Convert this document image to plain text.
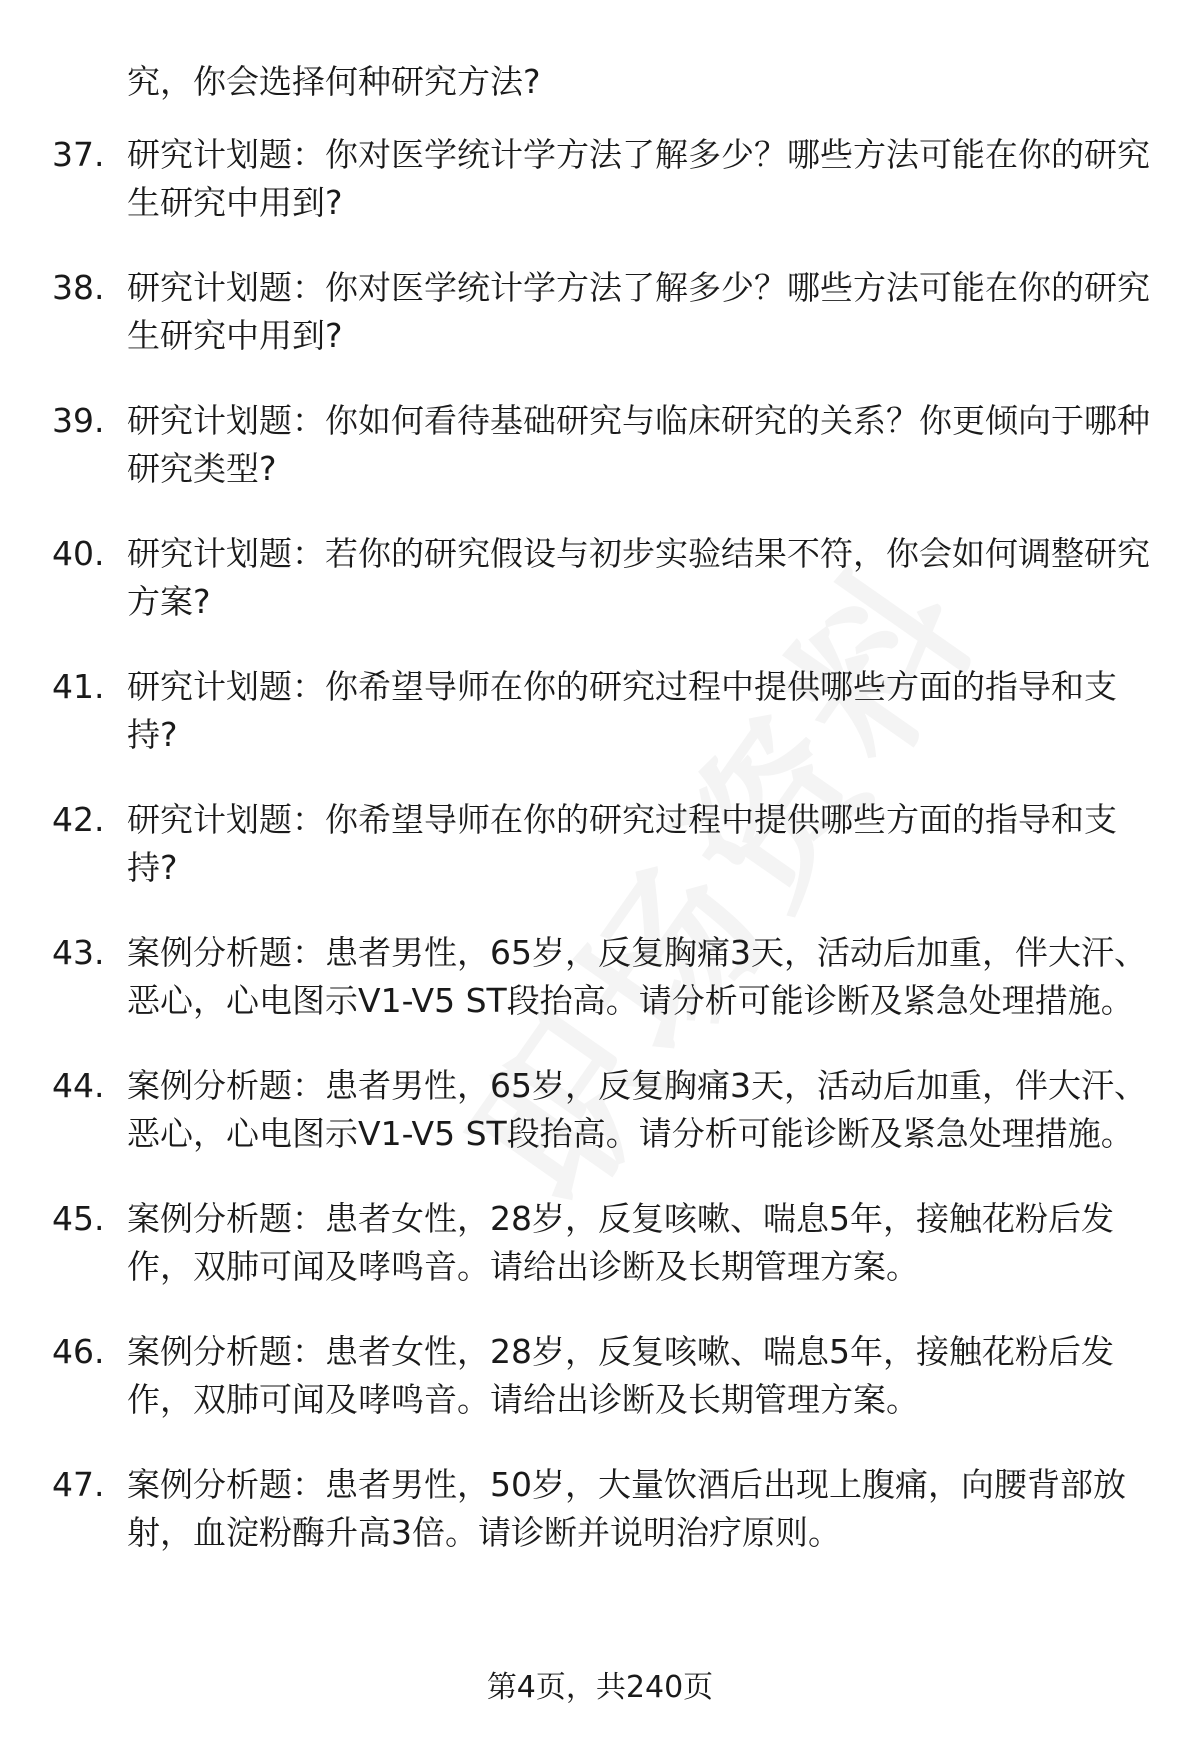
究，你会选择何种研究方法?
37. 研究计划题：你对医学统计学方法了解多少？哪些方法可能在你的研究生研究中用到?
38. 研究计划题：你对医学统计学方法了解多少？哪些方法可能在你的研究生研究中用到?
39. 研究计划题：你如何看待基础研究与临床研究的关系？你更倾向于哪种研究类型?
40. 研究计划题：若你的研究假设与初步实验结果不符，你会如何调整研究方案?
41. 研究计划题：你希望导师在你的研究过程中提供哪些方面的指导和支持?
42. 研究计划题：你希望导师在你的研究过程中提供哪些方面的指导和支持?
43. 案例分析题：患者男性，65岁，反复胸痛3天，活动后加重，伴大汗、恶心，心电图示V1-V5 ST段抬高。请分析可能诊断及紧急处理措施。
44. 案例分析题：患者男性，65岁，反复胸痛3天，活动后加重，伴大汗、恶心，心电图示V1-V5 ST段抬高。请分析可能诊断及紧急处理措施。
45. 案例分析题：患者女性，28岁，反复咳嗽、喘息5年，接触花粉后发作，双肺可闻及哮鸣音。请给出诊断及长期管理方案。
46. 案例分析题：患者女性，28岁，反复咳嗽、喘息5年，接触花粉后发作，双肺可闻及哮鸣音。请给出诊断及长期管理方案。
47. 案例分析题：患者男性，50岁，大量饮酒后出现上腹痛，向腰背部放射，血淀粉酶升高3倍。请诊断并说明治疗原则。
第4页，共240页
